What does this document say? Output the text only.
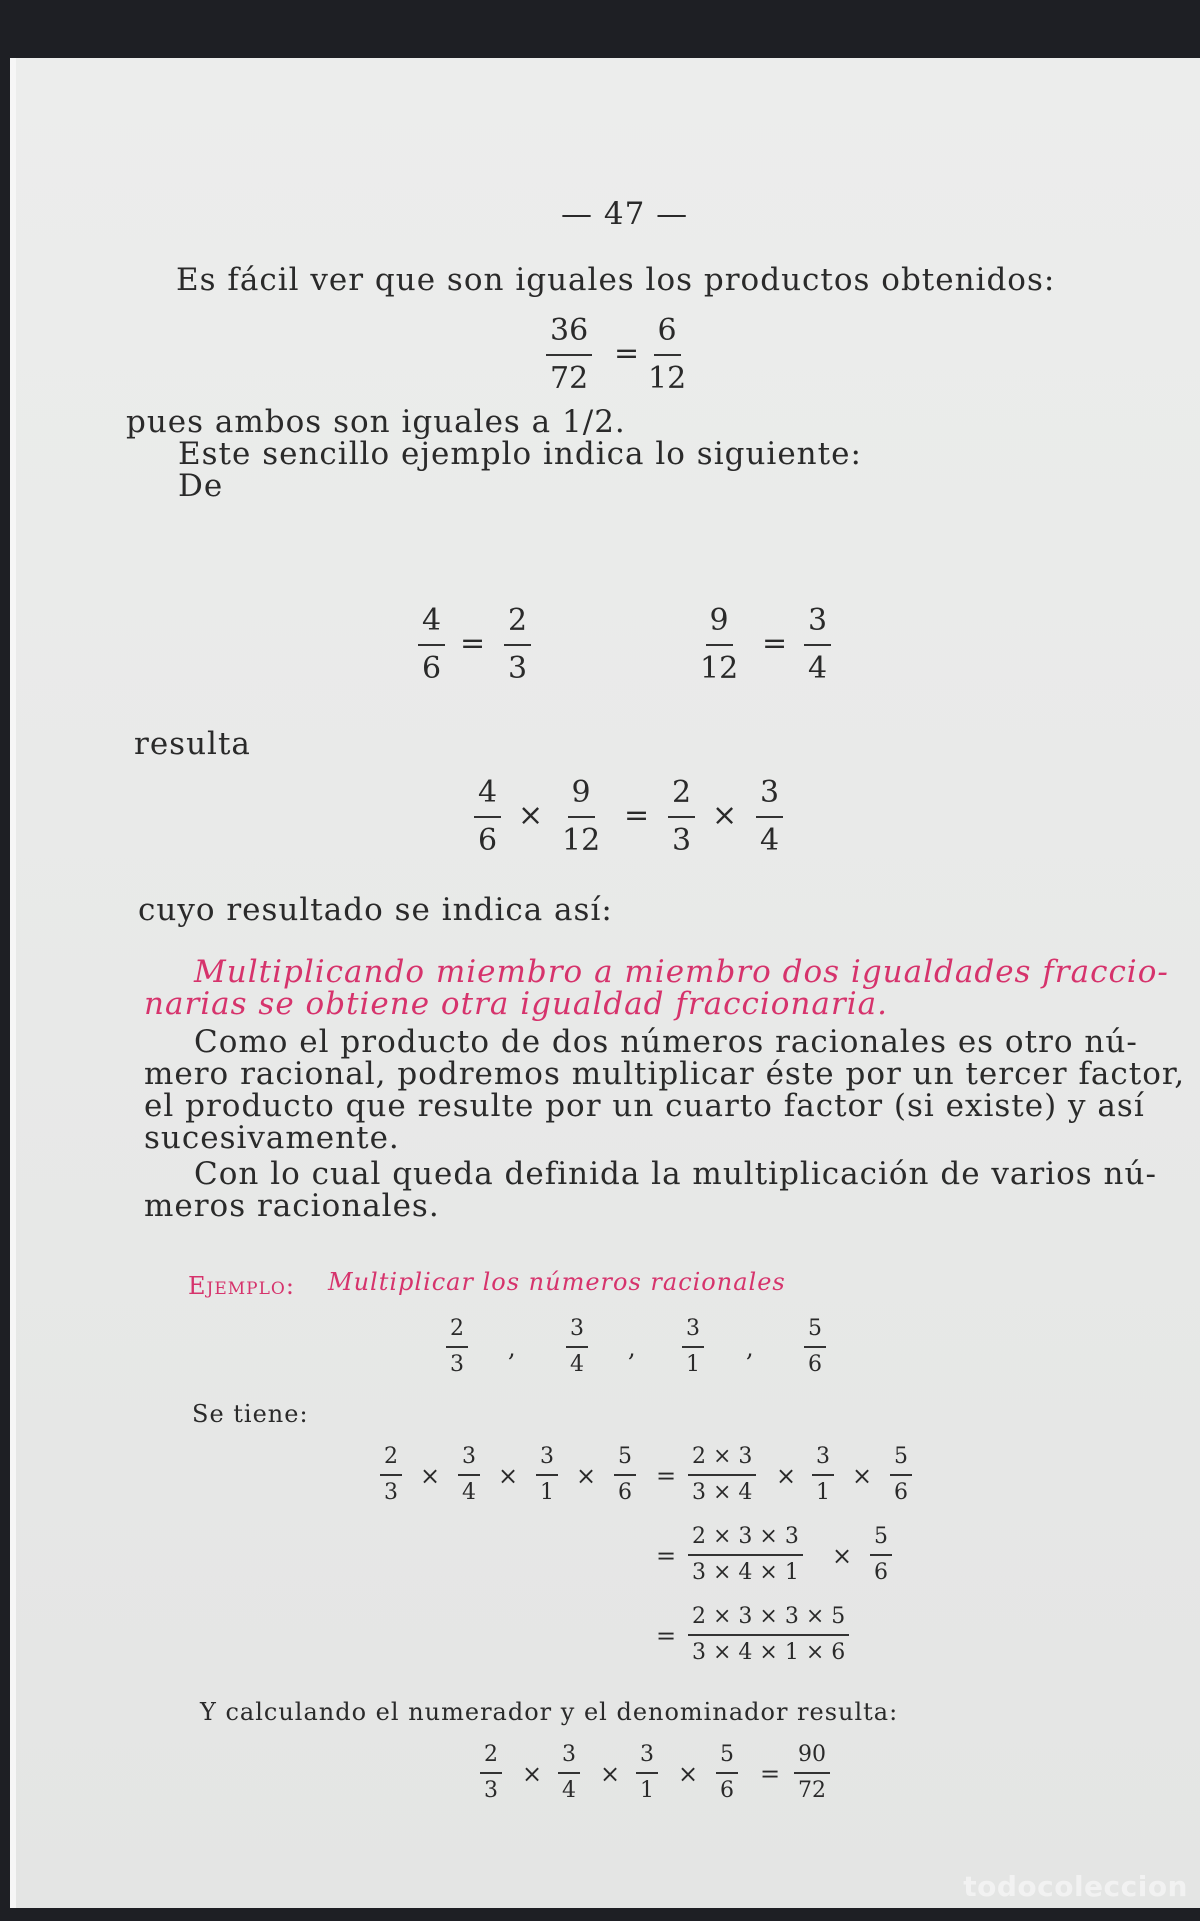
— 47 —
Es fácil ver que son iguales los productos obtenidos:
$\frac{36}{72} = \frac{6}{12}$
pues ambos son iguales a 1/2.
Este sencillo ejemplo indica lo siguiente:
De
$\frac{4}{6} = \frac{2}{3}$	$\frac{9}{12} = \frac{3}{4}$
resulta
$\frac{4}{6} \times \frac{9}{12} = \frac{2}{3} \times \frac{3}{4}$
cuyo resultado se indica así:
Multiplicando miembro a miembro dos igualdades fraccio-
narias se obtiene otra igualdad fraccionaria.
Como el producto de dos números racionales es otro nú-
mero racional, podremos multiplicar éste por un tercer factor,
el producto que resulte por un cuarto factor (si existe) y así
sucesivamente.
Con lo cual queda definida la multiplicación de varios nú-
meros racionales.
Ejemplo: Multiplicar los números racionales
$\frac{2}{3}$ , $\frac{3}{4}$ , $\frac{3}{1}$ , $\frac{5}{6}$
Se tiene:
$\frac{2}{3} \times \frac{3}{4} \times \frac{3}{1} \times \frac{5}{6} = \frac{2 \times 3}{3 \times 4} \times \frac{3}{1} \times \frac{5}{6}$
= $\frac{2 \times 3 \times 3}{3 \times 4 \times 1} \times \frac{5}{6}$
= $\frac{2 \times 3 \times 3 \times 5}{3 \times 4 \times 1 \times 6}$
Y calculando el numerador y el denominador resulta:
$\frac{2}{3} \times \frac{3}{4} \times \frac{3}{1} \times \frac{5}{6} = \frac{90}{72}$
todocoleccion
